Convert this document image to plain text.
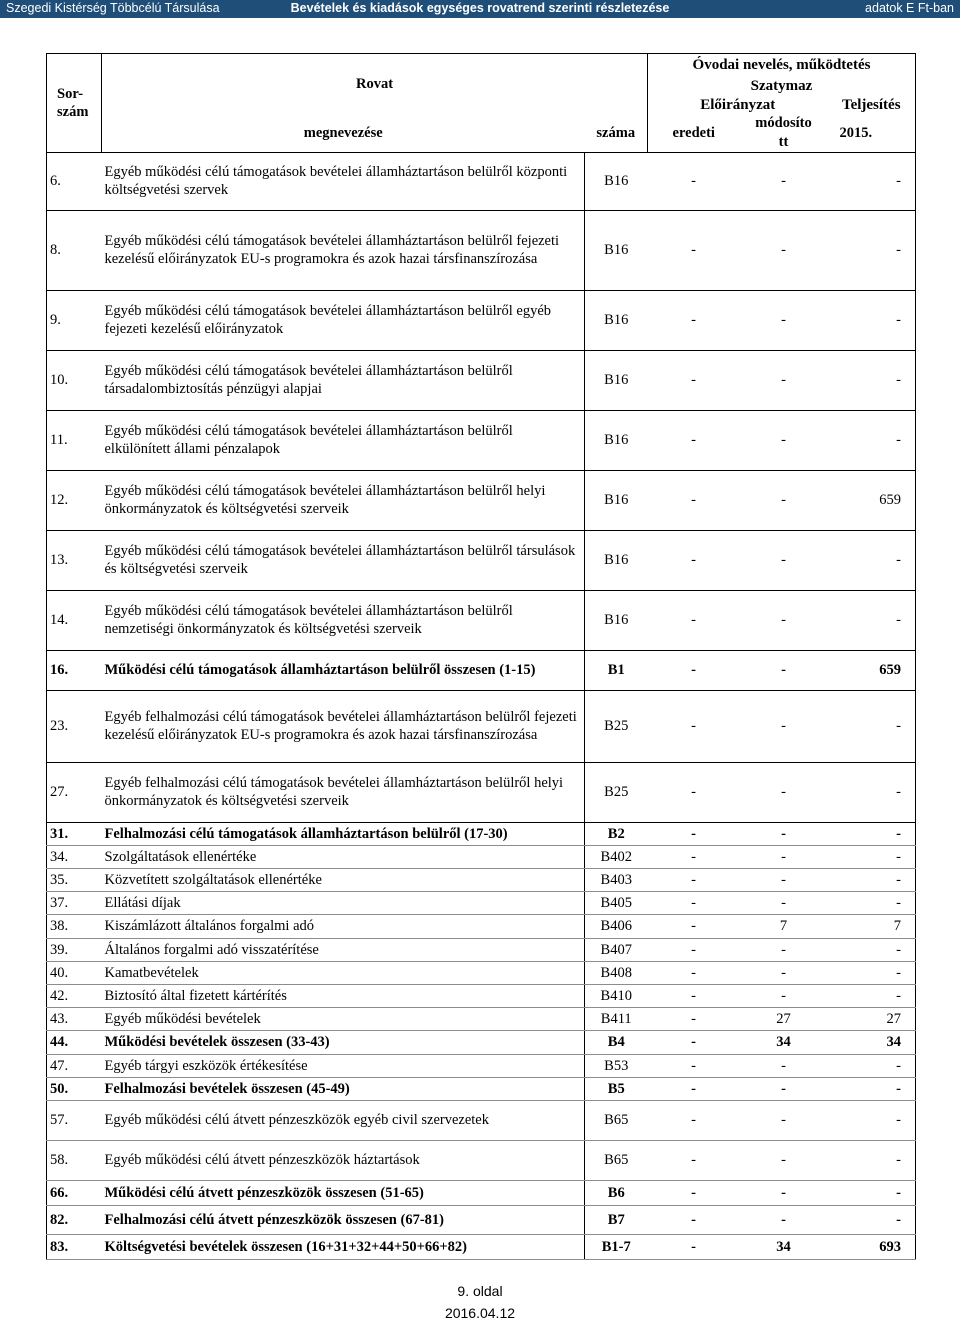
Szegedi Kistérség Többcélú Társulása	Bevételek és kiadások egységes rovatrend szerinti részletezése	adatok E Ft-ban
Sor-
szám	Rovat		Óvodai nevelés, működtetés		
			Szatymaz		
			Előirányzat		Teljesítés
	megnevezése	száma	eredeti	módosíto
tt	2015.
6.	Egyéb működési célú támogatások bevételei államháztartáson belülről központi költségvetési szervek	B16	-	-	-
8.	Egyéb működési célú támogatások bevételei államháztartáson belülről fejezeti kezelésű előirányzatok EU-s programokra és azok hazai társfinanszírozása	B16	-	-	-
9.	Egyéb működési célú támogatások bevételei államháztartáson belülről egyéb fejezeti kezelésű előirányzatok	B16	-	-	-
10.	Egyéb működési célú támogatások bevételei államháztartáson belülről társadalombiztosítás pénzügyi alapjai	B16	-	-	-
11.	Egyéb működési célú támogatások bevételei államháztartáson belülről elkülönített állami pénzalapok	B16	-	-	-
12.	Egyéb működési célú támogatások bevételei államháztartáson belülről helyi önkormányzatok és költségvetési szerveik	B16	-	-	659
13.	Egyéb működési célú támogatások bevételei államháztartáson belülről társulások és költségvetési szerveik	B16	-	-	-
14.	Egyéb működési célú támogatások bevételei államháztartáson belülről nemzetiségi önkormányzatok és költségvetési szerveik	B16	-	-	-
16.	Működési célú támogatások államháztartáson belülről összesen (1-15)	B1	-	-	659
23.	Egyéb felhalmozási célú támogatások bevételei államháztartáson belülről fejezeti kezelésű előirányzatok EU-s programokra és azok hazai társfinanszírozása	B25	-	-	-
27.	Egyéb felhalmozási célú támogatások bevételei államháztartáson belülről helyi önkormányzatok és költségvetési szerveik	B25	-	-	-
31.	Felhalmozási célú támogatások államháztartáson belülről (17-30)	B2	-	-	-
34.	Szolgáltatások ellenértéke	B402	-	-	-
35.	Közvetített szolgáltatások ellenértéke	B403	-	-	-
37.	Ellátási díjak	B405	-	-	-
38.	Kiszámlázott általános forgalmi adó	B406	-	7	7
39.	Általános forgalmi adó visszatérítése	B407	-	-	-
40.	Kamatbevételek	B408	-	-	-
42.	Biztosító által fizetett kártérítés	B410	-	-	-
43.	Egyéb működési bevételek	B411	-	27	27
44.	Működési bevételek összesen (33-43)	B4	-	34	34
47.	Egyéb tárgyi eszközök értékesítése	B53	-	-	-
50.	Felhalmozási bevételek összesen (45-49)	B5	-	-	-
57.	Egyéb működési célú átvett pénzeszközök egyéb civil szervezetek	B65	-	-	-
58.	Egyéb működési célú átvett pénzeszközök háztartások	B65	-	-	-
66.	Működési célú átvett pénzeszközök összesen (51-65)	B6	-	-	-
82.	Felhalmozási célú átvett pénzeszközök összesen (67-81)	B7	-	-	-
83.	Költségvetési bevételek összesen (16+31+32+44+50+66+82)	B1-7	-	34	693
9. oldal
2016.04.12
